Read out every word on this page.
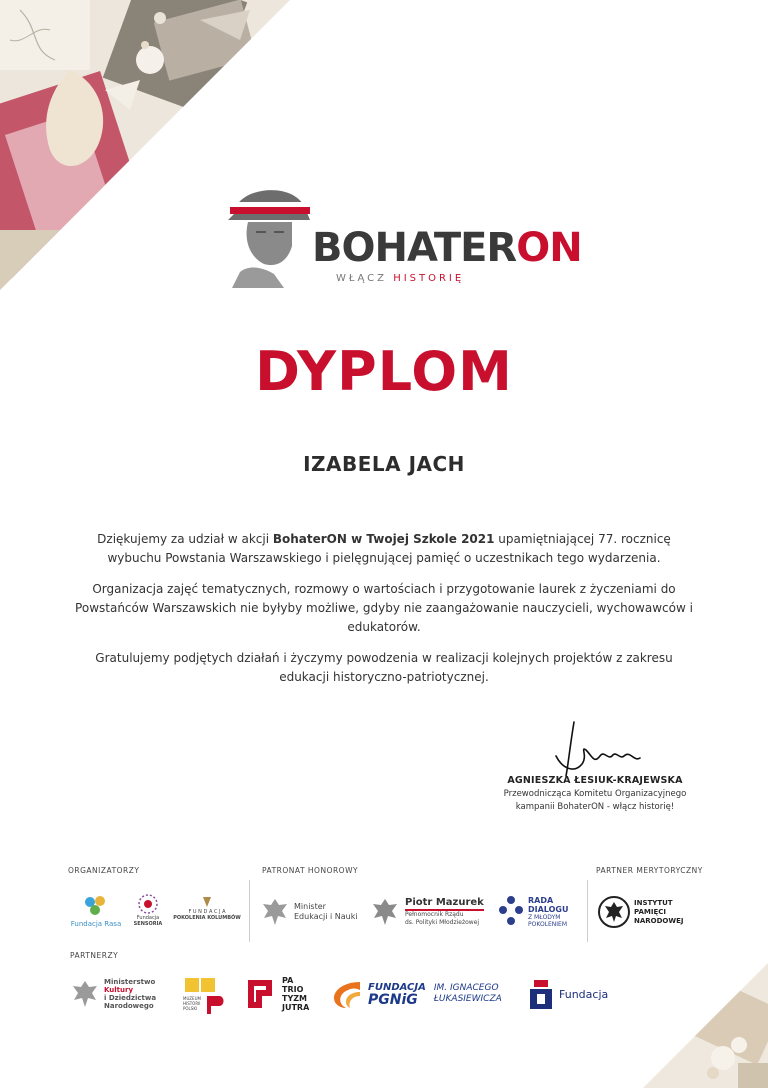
BOHATERON
WŁĄCZ HISTORIĘ
DYPLOM
IZABELA JACH

Dziękujemy za udział w akcji BohaterON w Twojej Szkole 2021 upamiętniającej 77. rocznicę wybuchu Powstania Warszawskiego i pielęgnującej pamięć o uczestnikach tego wydarzenia.

Organizacja zajęć tematycznych, rozmowy o wartościach i przygotowanie laurek z życzeniami do Powstańców Warszawskich nie byłyby możliwe, gdyby nie zaangażowanie nauczycieli, wychowawców i edukatorów.

Gratulujemy podjętych działań i życzymy powodzenia w realizacji kolejnych projektów z zakresu edukacji historyczno-patriotycznej.

AGNIESZKA ŁESIUK-KRAJEWSKA
Przewodnicząca Komitetu Organizacyjnego
kampanii BohaterON - włącz historię!
ORGANIZATORZY	PATRONAT HONOROWY	PARTNER MERYTORYCZNY
PARTNERZY
Fundacja Rasa
Fundacja
SENSORIA
F U N D A C J A
POKOLENIA KOLUMBÓW
Minister
Edukacji i Nauki
Piotr Mazurek
Pełnomocnik Rządu
ds. Polityki Młodzieżowej
RADA
DIALOGU
Z MŁODYM
POKOLENIEM
INSTYTUT
PAMIĘCI
NARODOWEJ
Ministerstwo
Kultury
i Dziedzictwa
Narodowego
MUZEUM
HISTORII
POLSKI
PA
TRIO
TYZM
JUTRA
FUNDACJA
PGNiG
IM. IGNACEGO
ŁUKASIEWICZA	Fundacja
